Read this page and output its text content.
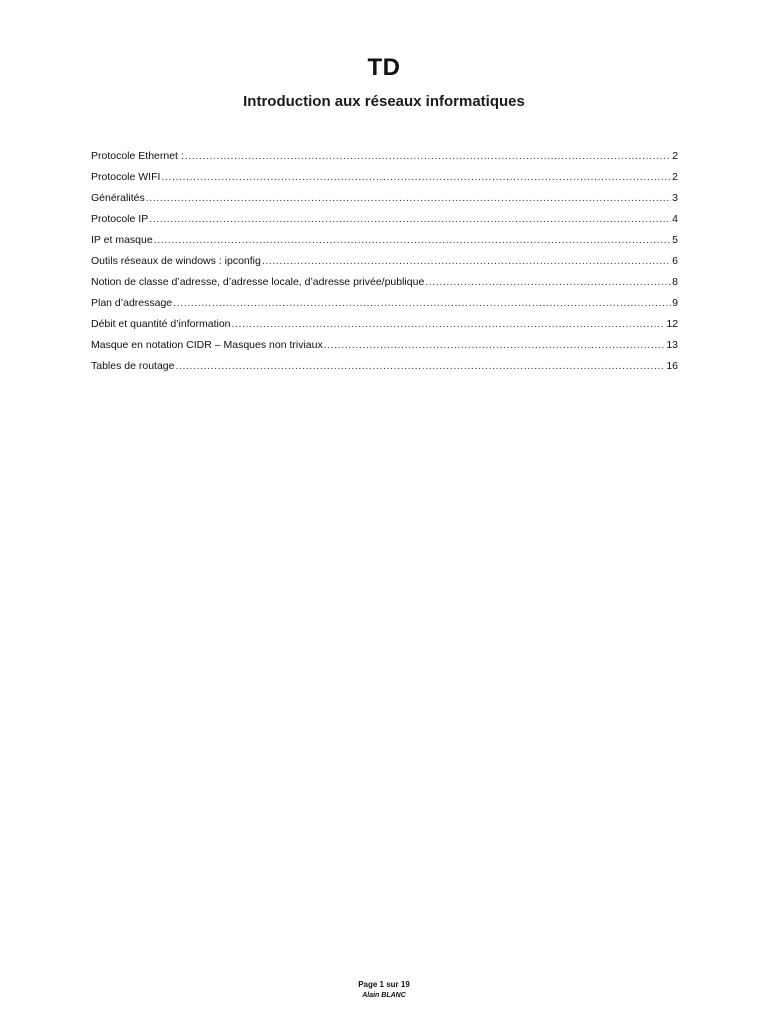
TD
Introduction aux réseaux informatiques
Protocole Ethernet : .....	2
Protocole WIFI .....	2
Généralités .....	3
Protocole IP .....	4
IP et masque .....	5
Outils réseaux de windows : ipconfig .....	6
Notion de classe d’adresse, d’adresse locale, d’adresse privée/publique .....	8
Plan d’adressage .....	9
Débit et quantité d’information .....	12
Masque en notation CIDR – Masques non triviaux .....	13
Tables de routage .....	16
Page 1 sur 19
Alain BLANC
